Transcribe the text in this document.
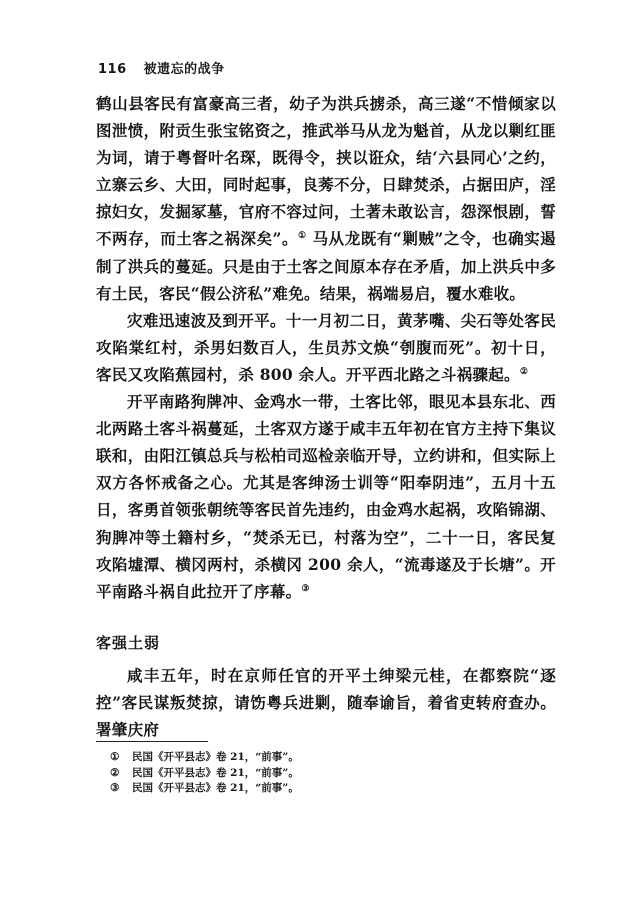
116 被遗忘的战争

鹤山县客民有富豪高三者，幼子为洪兵掳杀，高三遂“不惜倾家以图泄愤，附贡生张宝铭资之，推武举马从龙为魁首，从龙以剿红匪为词，请于粤督叶名琛，既得令，挟以诳众，结‘六县同心’之约，立寨云乡、大田，同时起事，良莠不分，日肆焚杀，占据田庐，淫掠妇女，发掘冢墓，官府不容过问，土著未敢讼言，怨深恨剧，誓不两存，而土客之祸深矣”。① 马从龙既有“剿贼”之令，也确实遏制了洪兵的蔓延。只是由于土客之间原本存在矛盾，加上洪兵中多有土民，客民“假公济私”难免。结果，祸端易启，覆水难收。

灾难迅速波及到开平。十一月初二日，黄茅嘴、尖石等处客民攻陷棠红村，杀男妇数百人，生员苏文焕“刳腹而死”。初十日，客民又攻陷蕉园村，杀 800 余人。开平西北路之斗祸骤起。②

开平南路狗牌冲、金鸡水一带，土客比邻，眼见本县东北、西北两路土客斗祸蔓延，土客双方遂于咸丰五年初在官方主持下集议联和，由阳江镇总兵与松柏司巡检亲临开导，立约讲和，但实际上双方各怀戒备之心。尤其是客绅汤士训等“阳奉阴违”，五月十五日，客勇首领张朝统等客民首先违约，由金鸡水起祸，攻陷锦湖、狗脾冲等土籍村乡，“焚杀无已，村落为空”，二十一日，客民复攻陷墟潭、横冈两村，杀横冈 200 余人，“流毒遂及于长塘”。开平南路斗祸自此拉开了序幕。③

客强土弱

咸丰五年，时在京师任官的开平土绅梁元桂，在都察院“逐控”客民谋叛焚掠，请饬粤兵进剿，随奉谕旨，着省吏转府查办。署肇庆府

① 民国《开平县志》卷 21，“前事”。
② 民国《开平县志》卷 21，“前事”。
③ 民国《开平县志》卷 21，“前事”。
